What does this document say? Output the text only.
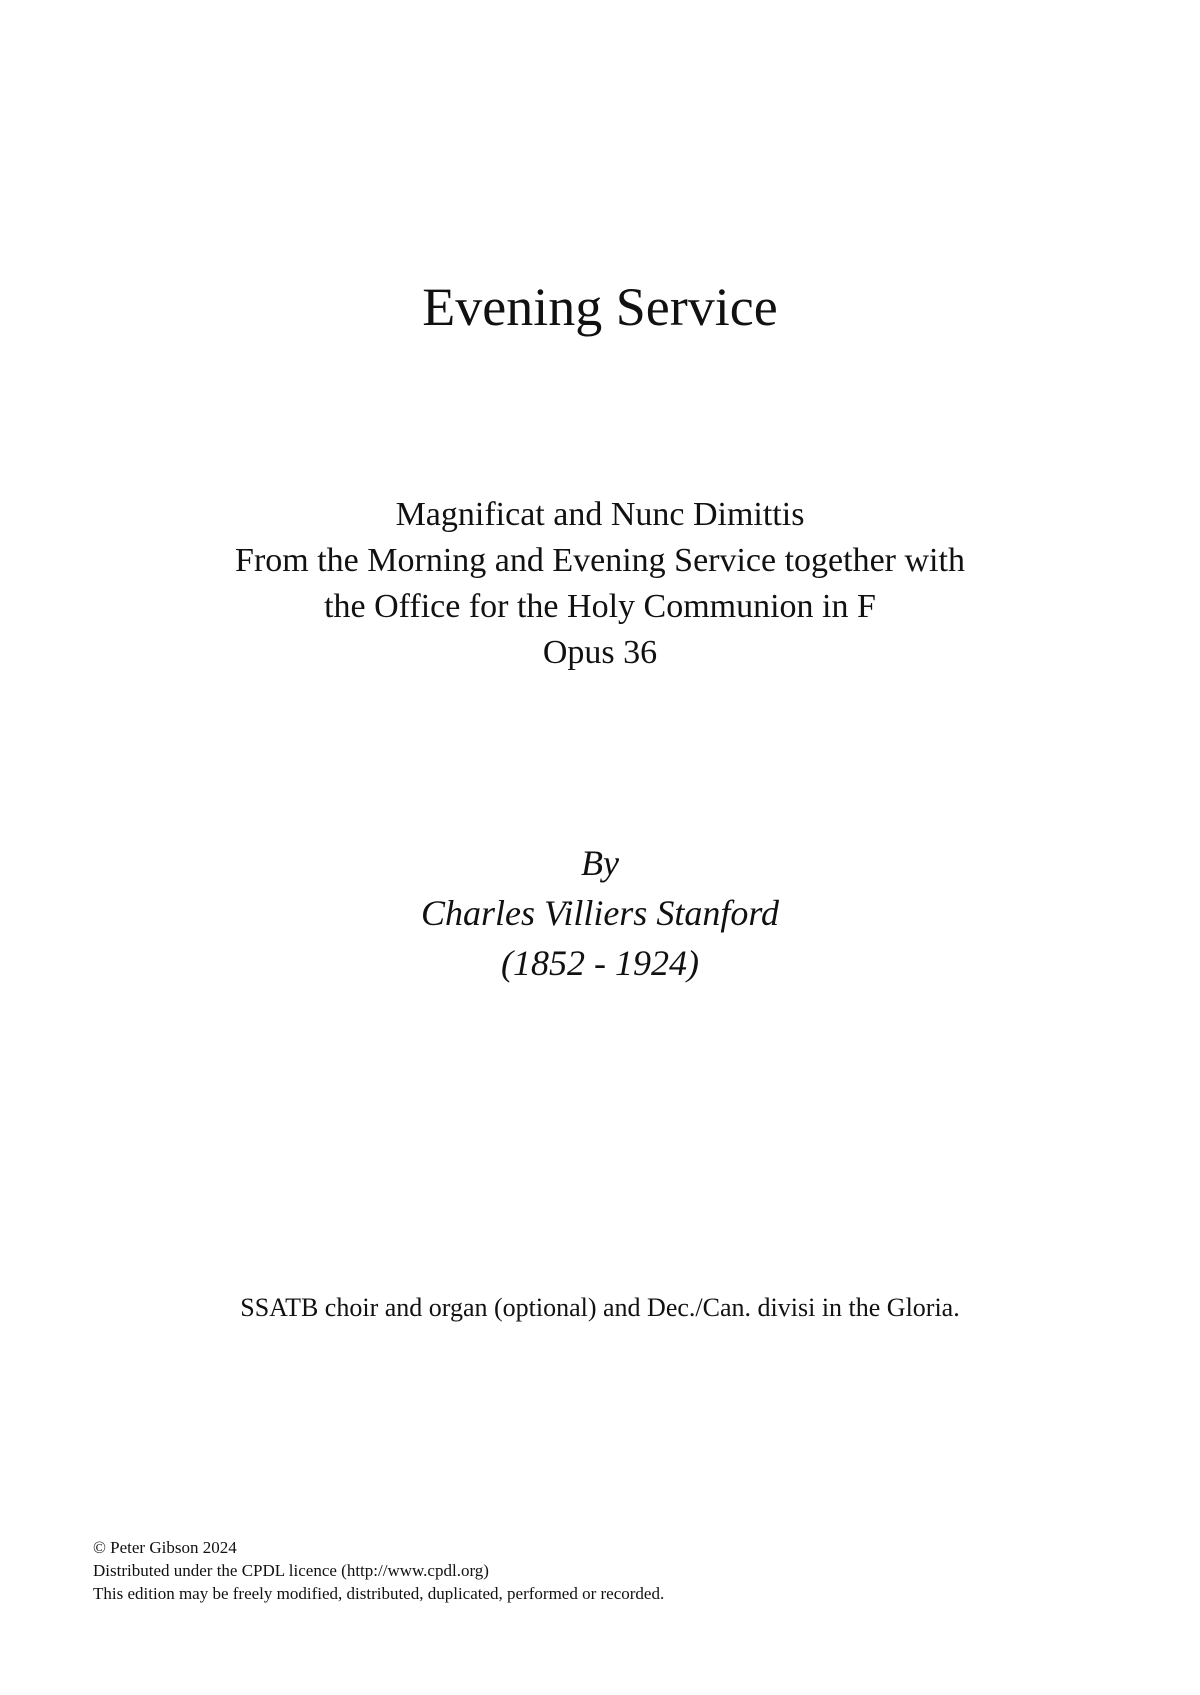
Evening Service
Magnificat and Nunc Dimittis
From the Morning and Evening Service together with
the Office for the Holy Communion in F
Opus 36
By
Charles Villiers Stanford
(1852 - 1924)
SSATB choir and organ (optional) and Dec./Can. divisi in the Gloria.
© Peter Gibson 2024
Distributed under the CPDL licence (http://www.cpdl.org)
This edition may be freely modified, distributed, duplicated, performed or recorded.
